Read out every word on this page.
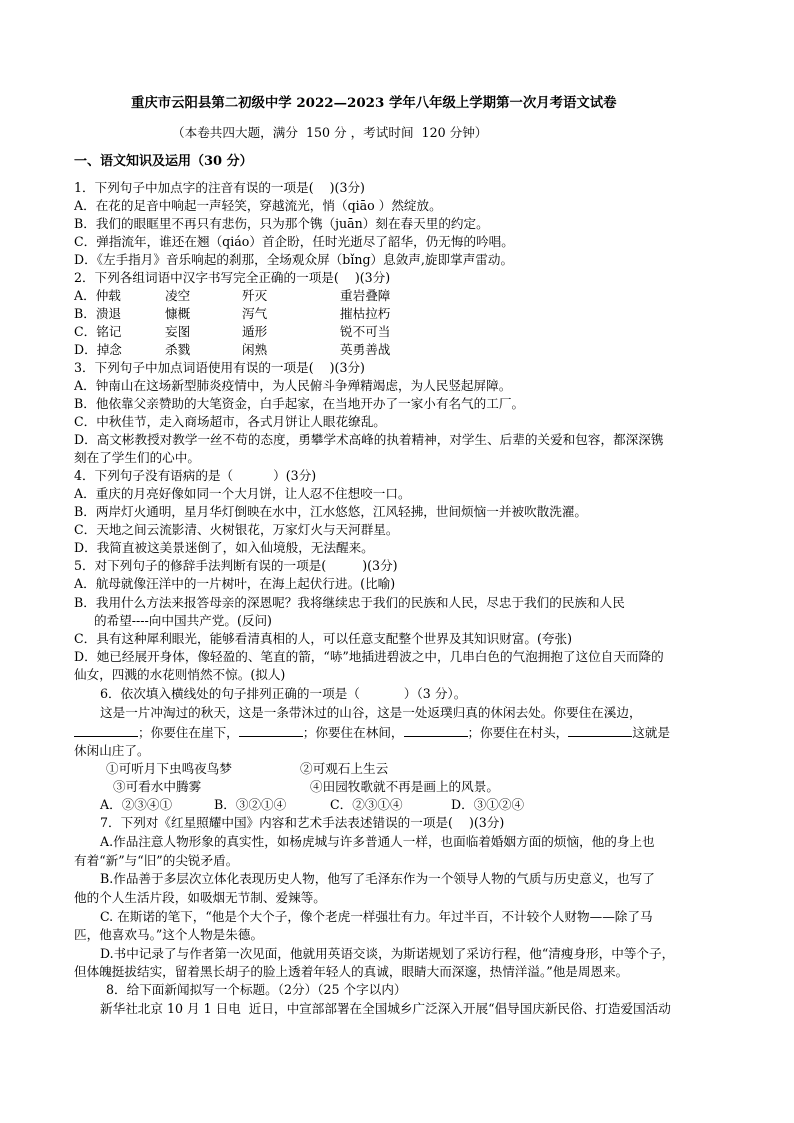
重庆市云阳县第二初级中学 2022—2023 学年八年级上学期第一次月考语文试卷
（本卷共四大题，满分  150 分 ，考试时间  120 分钟）
一、语文知识及运用（30 分）
1．下列句子中加点字的注音有误的一项是(    )(3分)
A．在花的足音中响起一声轻笑，穿越流光，悄（qiāo ）然绽放。
B．我们的眼眶里不再只有悲伤，只为那个镌（juān）刻在春天里的约定。
C．弹指流年，谁还在翘（qiáo）首企盼，任时光逝尽了韶华，仍无悔的吟唱。
D．《左手指月》音乐响起的刹那，全场观众屏（bǐng）息敛声,旋即掌声雷动。
2．下列各组词语中汉字书写完全正确的一项是(    )(3分)
A．仲载	凌空	歼灭	重岩叠障
B．溃退	慷概	泻气	摧枯拉朽
C．铭记	妄图	遁形	锐不可当
D．掉念	杀戮	闲熟	英勇善战
3．下列句子中加点词语使用有误的一项是(    )(3分)
A．钟南山在这场新型肺炎疫情中，为人民俯斗争殚精竭虑，为人民竖起屏障。
B．他依靠父亲赞助的大笔资金，白手起家，在当地开办了一家小有名气的工厂。
C．中秋佳节，走入商场超市，各式月饼让人眼花缭乱。
D．高文彬教授对教学一丝不苟的态度，勇攀学术高峰的执着精神，对学生、后辈的关爱和包容，都深深镌
刻在了学生们的心中。
4．下列句子没有语病的是（          ）(3分)
A．重庆的月亮好像如同一个大月饼，让人忍不住想咬一口。
B．两岸灯火通明，星月华灯倒映在水中，江水悠悠，江风轻拂，世间烦恼一并被吹散洗濯。
C．天地之间云流影清、火树银花，万家灯火与天河群星。
D．我简直被这美景迷倒了，如入仙境般，无法醒来。
5．对下列句子的修辞手法判断有误的一项是(         )(3分)
A．航母就像汪洋中的一片树叶，在海上起伏行进。(比喻)
B．我用什么方法来报答母亲的深恩呢？我将继续忠于我们的民族和人民，尽忠于我们的民族和人民
的希望----向中国共产党。(反问)
C．具有这种犀利眼光，能够看清真相的人，可以任意支配整个世界及其知识财富。(夸张)
D．她已经展开身体，像轻盈的、笔直的箭，“哧”地插进碧波之中，几串白色的气泡拥抱了这位自天而降的
仙女，四溅的水花则悄然不惊。(拟人)
6．依次填入横线处的句子排列正确的一项是（           ）（3 分）。
这是一片冲淘过的秋天，这是一条带沐过的山谷，这是一处返璞归真的休闲去处。你要住在溪边，
；你要住在崖下，	；你要住在林间，	；你要住在村头，	这就是
休闲山庄了。
①可听月下虫鸣夜鸟梦	②可观石上生云
③可看水中腾雾	④田园牧歌就不再是画上的风景。
A．②③④①	B．③②①④	C．②③①④	D．③①②④
7．下列对《红星照耀中国》内容和艺术手法表述错误的一项是(    )(3分)
A.作品注意人物形象的真实性，如杨虎城与许多普通人一样，也面临着婚姻方面的烦恼，他的身上也
有着“新”与“旧”的尖锐矛盾。
B.作品善于多层次立体化表现历史人物，他写了毛泽东作为一个领导人物的气质与历史意义，也写了
他的个人生活片段，如吸烟无节制、爱辣等。
C. 在斯诺的笔下，“他是个大个子，像个老虎一样强壮有力。年过半百，不计较个人财物——除了马
匹，他喜欢马。”这个人物是朱德。
D.书中记录了与作者第一次见面，他就用英语交谈，为斯诺规划了采访行程，他“清瘦身形，中等个子，
但体魄挺拔结实，留着黑长胡子的脸上透着年轻人的真诚，眼睛大而深邃，热情洋溢。”他是周恩来。
8．给下面新闻拟写一个标题。（2分）（25 个字以内）
新华社北京 10 月 1 日电  近日，中宣部部署在全国城乡广泛深入开展“倡导国庆新民俗、打造爱国活动
